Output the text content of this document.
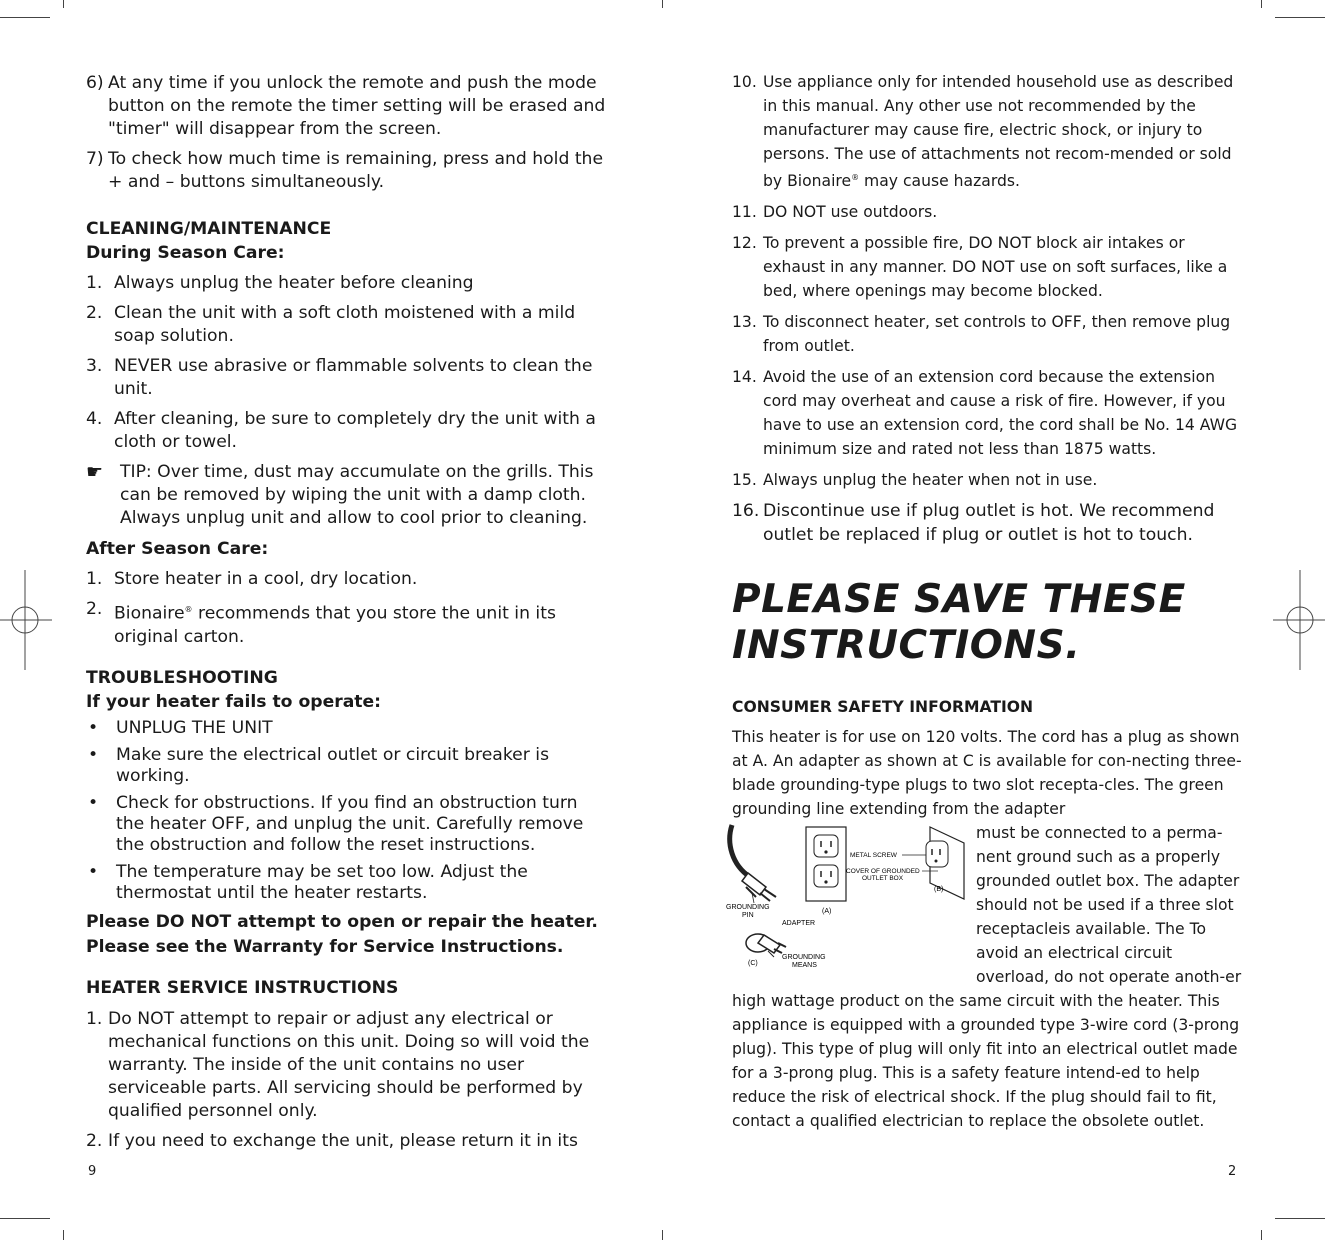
6) At any time if you unlock the remote and push the mode button on the remote the timer setting will be erased and "timer" will disappear from the screen.
7) To check how much time is remaining, press and hold the + and – buttons simultaneously.
CLEANING/MAINTENANCE
During Season Care:
1. Always unplug the heater before cleaning
2. Clean the unit with a soft cloth moistened with a mild soap solution.
3. NEVER use abrasive or flammable solvents to clean the unit.
4. After cleaning, be sure to completely dry the unit with a cloth or towel.
☛ TIP: Over time, dust may accumulate on the grills. This can be removed by wiping the unit with a damp cloth. Always unplug unit and allow to cool prior to cleaning.
After Season Care:
1. Store heater in a cool, dry location.
2. Bionaire® recommends that you store the unit in its original carton.
TROUBLESHOOTING
If your heater fails to operate:
•	UNPLUG THE UNIT
•	Make sure the electrical outlet or circuit breaker is working.
•	Check for obstructions. If you find an obstruction turn the heater OFF, and unplug the unit. Carefully remove the obstruction and follow the reset instructions.
•	The temperature may be set too low. Adjust the thermostat until the heater restarts.
Please DO NOT attempt to open or repair the heater.
Please see the Warranty for Service Instructions.
HEATER SERVICE INSTRUCTIONS
1. Do NOT attempt to repair or adjust any electrical or mechanical functions on this unit. Doing so will void the warranty. The inside of the unit contains no user serviceable parts. All servicing should be performed by qualified personnel only.
2. If you need to exchange the unit, please return it in its
9
10. Use appliance only for intended household use as described in this manual. Any other use not recommended by the manufacturer may cause fire, electric shock, or injury to persons. The use of attachments not recom-mended or sold by Bionaire® may cause hazards.
11. DO NOT use outdoors.
12. To prevent a possible fire, DO NOT block air intakes or exhaust in any manner. DO NOT use on soft surfaces, like a bed, where openings may become blocked.
13. To disconnect heater, set controls to OFF, then remove plug from outlet.
14. Avoid the use of an extension cord because the extension cord may overheat and cause a risk of fire. However, if you have to use an extension cord, the cord shall be No. 14 AWG minimum size and rated not less than 1875 watts.
15. Always unplug the heater when not in use.
16. Discontinue use if plug outlet is hot. We recommend outlet be replaced if plug or outlet is hot to touch.
PLEASE SAVE THESE
INSTRUCTIONS.
CONSUMER SAFETY INFORMATION
This heater is for use on 120 volts. The cord has a plug as shown at A. An adapter as shown at C is available for con-necting three-blade grounding-type plugs to two slot recepta-cles. The green grounding line extending from the adapter
GROUNDING
PIN
(A)
METAL SCREW
COVER OF GROUNDED
OUTLET BOX
(B)
ADAPTER
(C)
GROUNDING
MEANS
must be connected to a perma-nent ground such as a properly grounded outlet box. The adapter should not be used if a three slot receptacleis available. The To avoid an electrical circuit overload, do not operate anoth-er high wattage product on the same circuit with the heater. This appliance is equipped with a grounded type 3-wire cord (3-prong plug). This type of plug will only fit into an electrical outlet made for a 3-prong plug. This is a safety feature intend-ed to help reduce the risk of electrical shock. If the plug should fail to fit, contact a qualified electrician to replace the obsolete outlet.
2
